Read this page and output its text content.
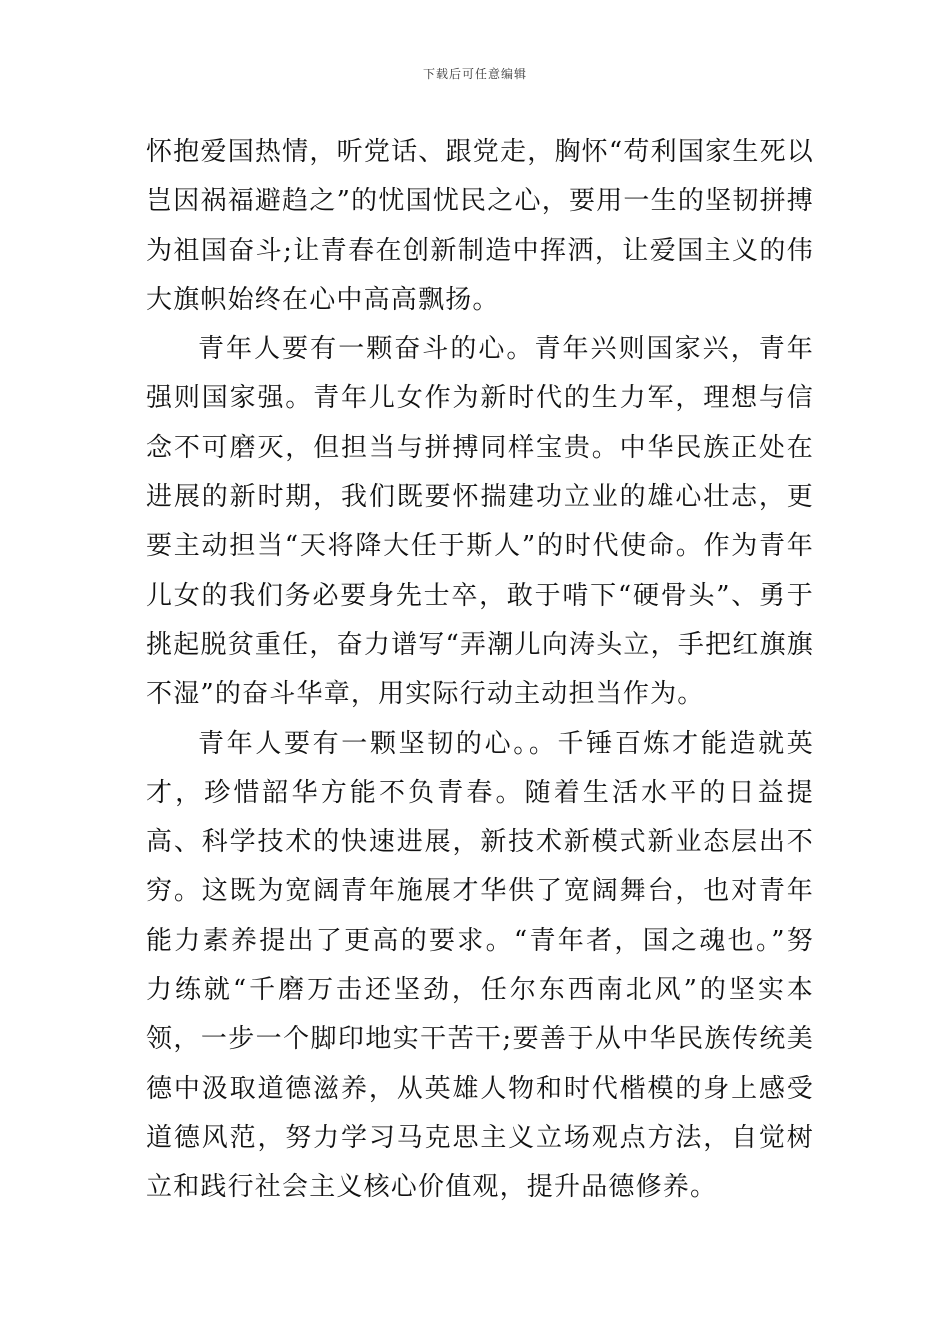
下载后可任意编辑

怀抱爱国热情，听党话、跟党走，胸怀“苟利国家生死以岂因祸福避趋之”的忧国忧民之心，要用一生的坚韧拼搏为祖国奋斗;让青春在创新制造中挥洒，让爱国主义的伟大旗帜始终在心中高高飘扬。

青年人要有一颗奋斗的心。青年兴则国家兴，青年强则国家强。青年儿女作为新时代的生力军，理想与信念不可磨灭，但担当与拼搏同样宝贵。中华民族正处在进展的新时期，我们既要怀揣建功立业的雄心壮志，更要主动担当“天将降大任于斯人”的时代使命。作为青年儿女的我们务必要身先士卒，敢于啃下“硬骨头”、勇于挑起脱贫重任，奋力谱写“弄潮儿向涛头立，手把红旗旗不湿”的奋斗华章，用实际行动主动担当作为。

青年人要有一颗坚韧的心。。千锤百炼才能造就英才，珍惜韶华方能不负青春。随着生活水平的日益提高、科学技术的快速进展，新技术新模式新业态层出不穷。这既为宽阔青年施展才华供了宽阔舞台，也对青年能力素养提出了更高的要求。“青年者，国之魂也。”努力练就“千磨万击还坚劲，任尔东西南北风”的坚实本领，一步一个脚印地实干苦干;要善于从中华民族传统美德中汲取道德滋养，从英雄人物和时代楷模的身上感受道德风范，努力学习马克思主义立场观点方法，自觉树立和践行社会主义核心价值观，提升品德修养。
